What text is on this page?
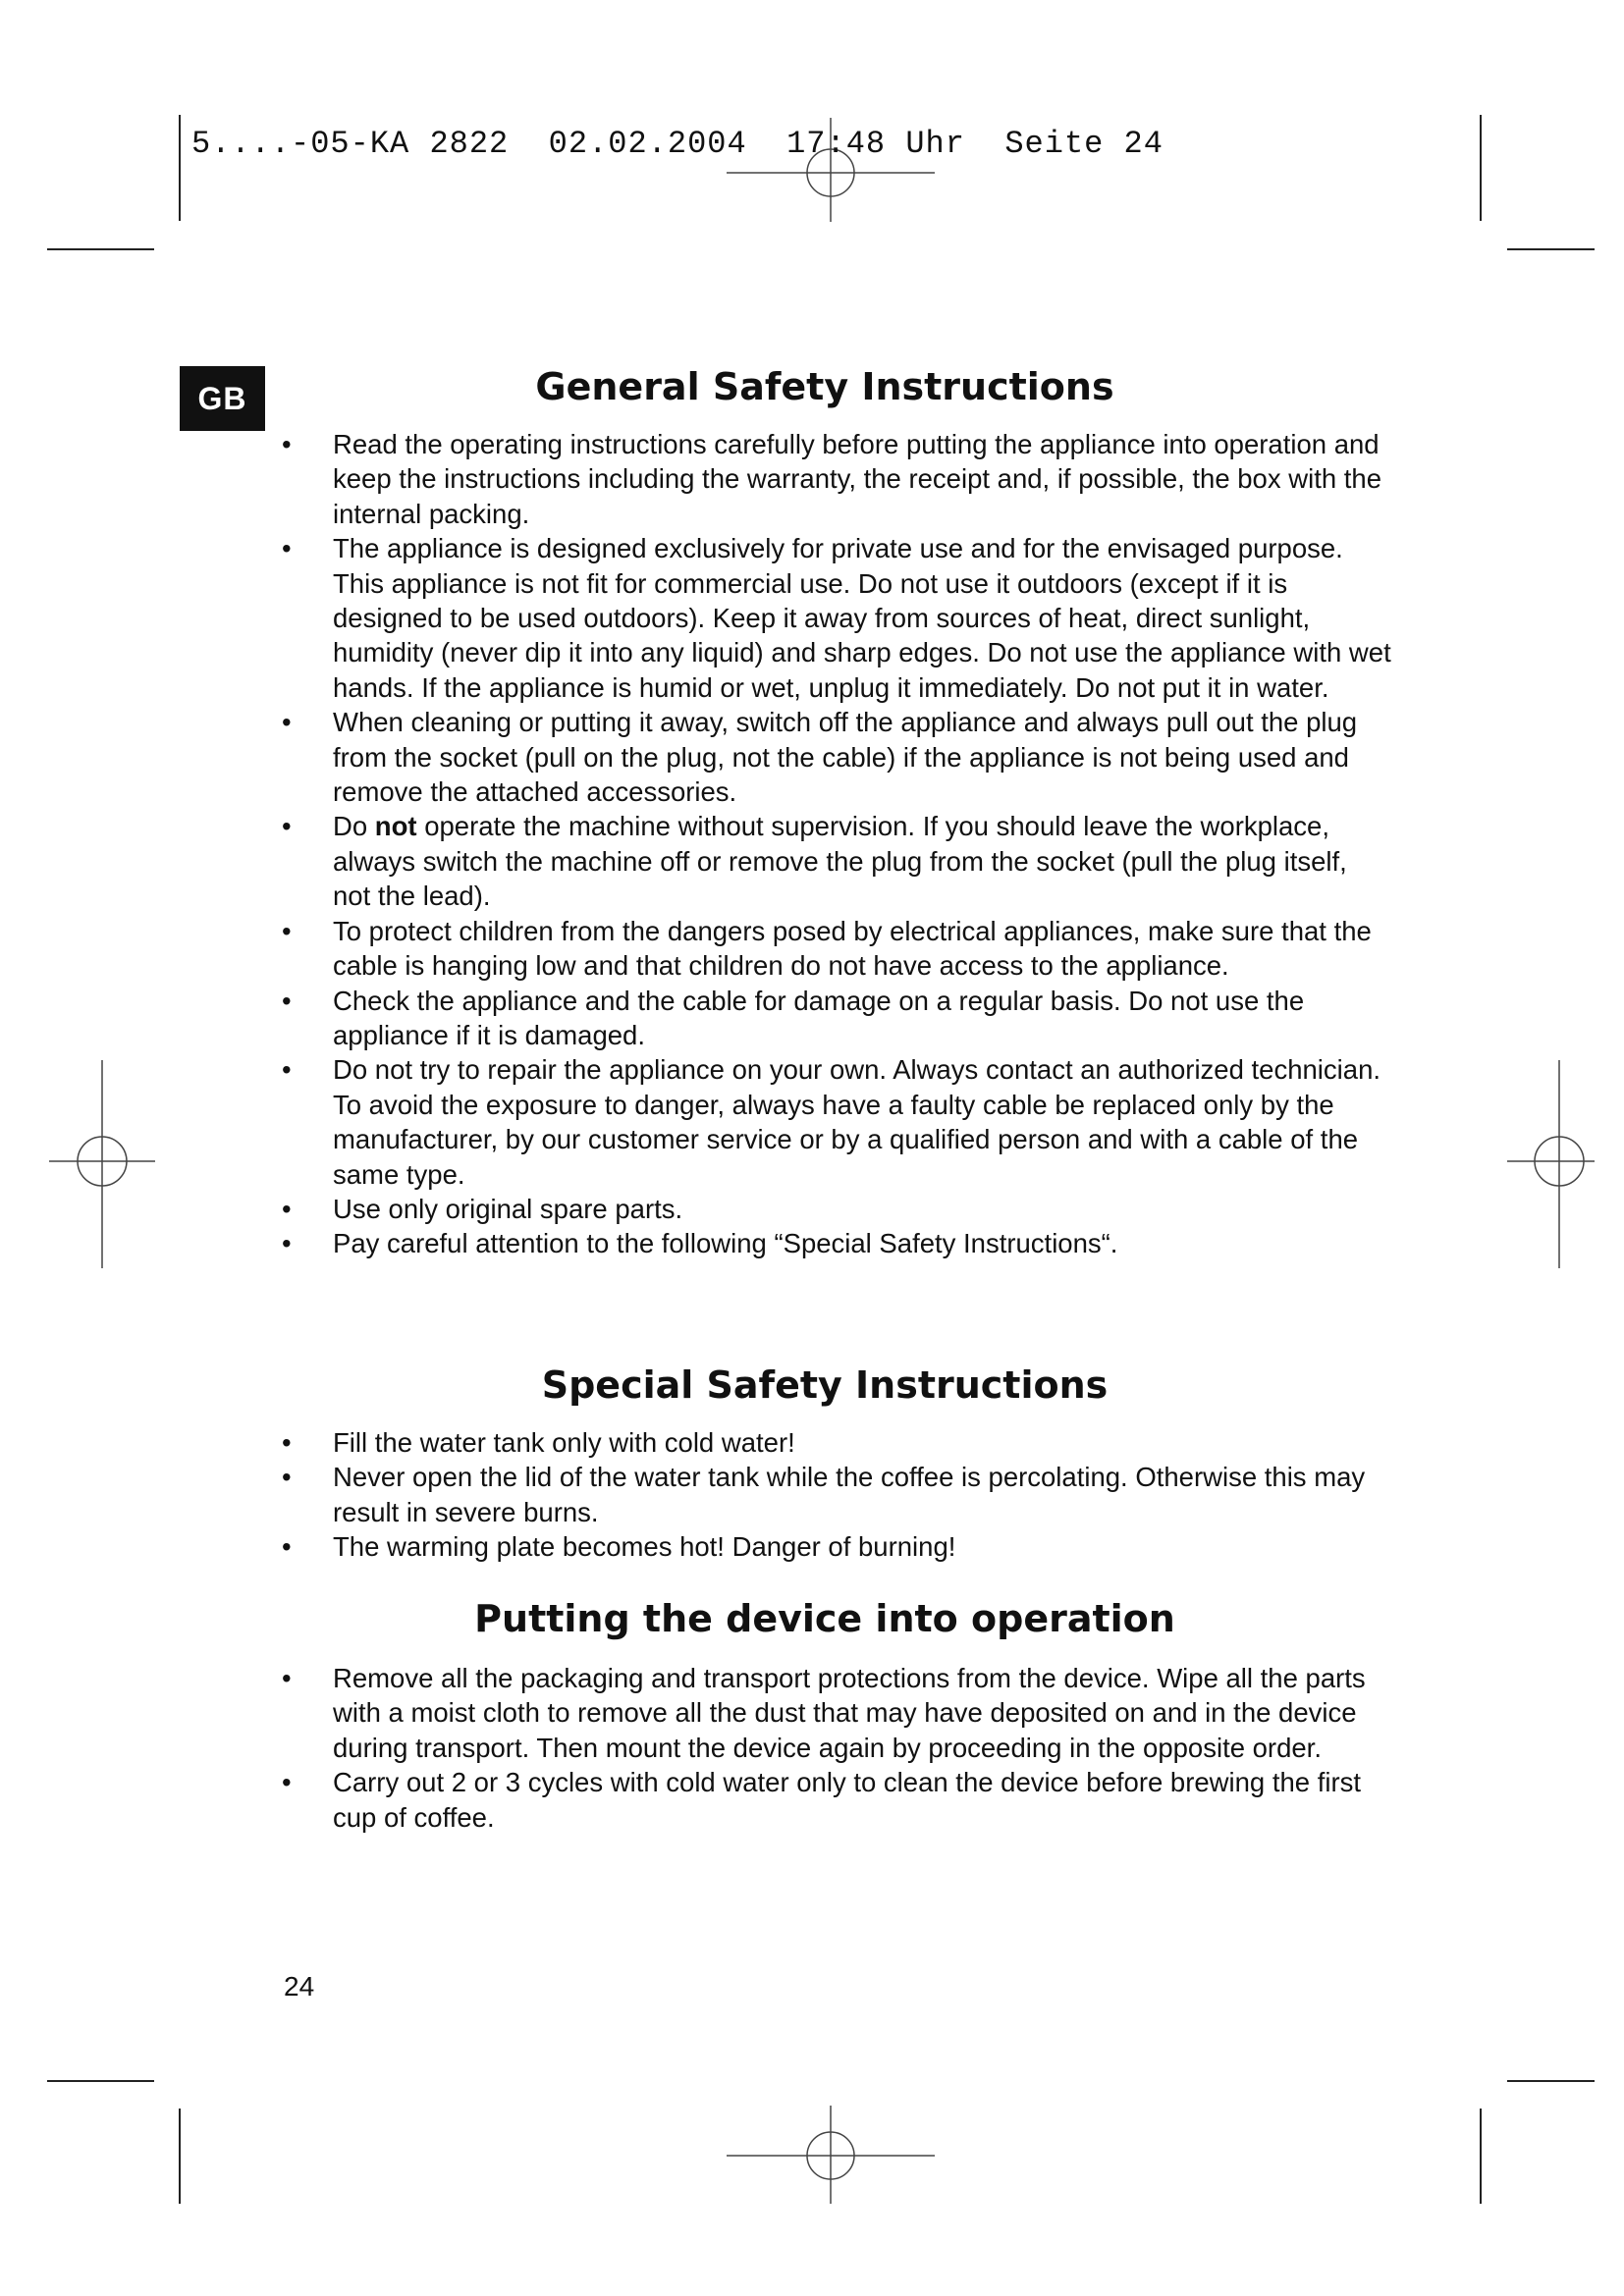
5....-05-KA 2822  02.02.2004  17:48 Uhr  Seite 24
GB	General Safety Instructions
• Read the operating instructions carefully before putting the appliance into operation and keep the instructions including the warranty, the receipt and, if possible, the box with the internal packing.
• The appliance is designed exclusively for private use and for the envisaged purpose. This appliance is not fit for commercial use. Do not use it outdoors (except if it is designed to be used outdoors). Keep it away from sources of heat, direct sunlight, humidity (never dip it into any liquid) and sharp edges. Do not use the appliance with wet hands. If the appliance is humid or wet, unplug it immediately. Do not put it in water.
• When cleaning or putting it away, switch off the appliance and always pull out the plug from the socket (pull on the plug, not the cable) if the appliance is not being used and remove the attached accessories.
• Do not operate the machine without supervision. If you should leave the workplace, always switch the machine off or remove the plug from the socket (pull the plug itself, not the lead).
• To protect children from the dangers posed by electrical appliances, make sure that the cable is hanging low and that children do not have access to the appliance.
• Check the appliance and the cable for damage on a regular basis. Do not use the appliance if it is damaged.
• Do not try to repair the appliance on your own. Always contact an authorized technician. To avoid the exposure to danger, always have a faulty cable be replaced only by the manufacturer, by our customer service or by a qualified person and with a cable of the same type.
• Use only original spare parts.
• Pay careful attention to the following “Special Safety Instructions“.
Special Safety Instructions
• Fill the water tank only with cold water!
• Never open the lid of the water tank while the coffee is percolating. Otherwise this may result in severe burns.
• The warming plate becomes hot! Danger of burning!
Putting the device into operation
• Remove all the packaging and transport protections from the device. Wipe all the parts with a moist cloth to remove all the dust that may have deposited on and in the device during transport. Then mount the device again by proceeding in the opposite order.
• Carry out 2 or 3 cycles with cold water only to clean the device before brewing the first cup of coffee.
24
